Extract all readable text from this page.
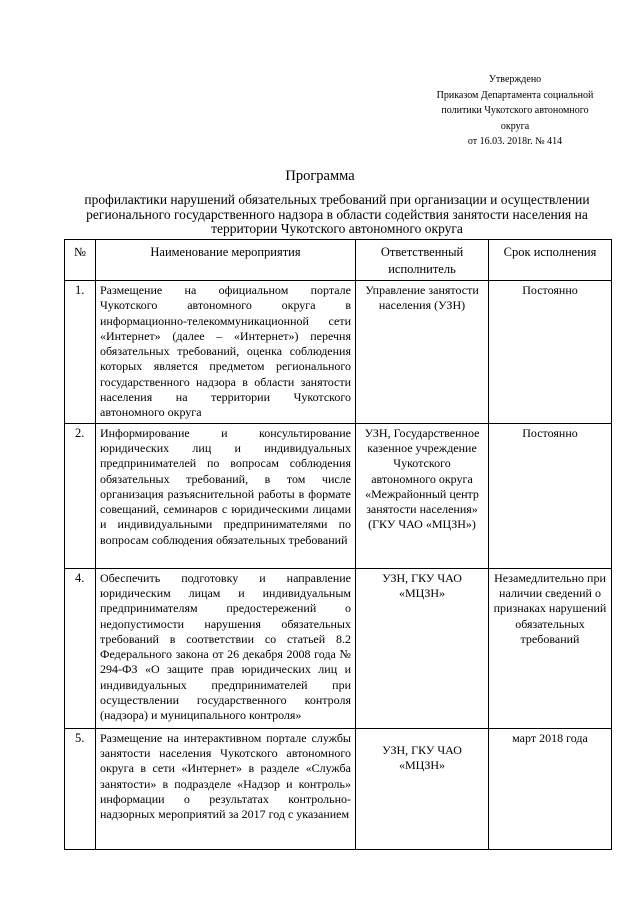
Утверждено
Приказом Департамента социальной
политики Чукотского автономного
округа
от 16.03. 2018г. № 414
Программа
профилактики нарушений обязательных требований при организации и осуществлении регионального государственного надзора в области содействия занятости населения на территории Чукотского автономного округа
№	Наименование мероприятия	Ответственный исполнитель	Срок исполнения
1.	Размещение на официальном портале Чукотского автономного округа в информационно-телекоммуникационной сети «Интернет» (далее – «Интернет») перечня обязательных требований, оценка соблюдения которых является предметом регионального государственного надзора в области занятости населения на территории Чукотского автономного округа	Управление занятости населения (УЗН)	Постоянно
2.	Информирование и консультирование юридических лиц и индивидуальных предпринимателей по вопросам соблюдения обязательных требований, в том числе организация разъяснительной работы в формате совещаний, семинаров с юридическими лицами и индивидуальными предпринимателями по вопросам соблюдения обязательных требований	УЗН, Государственное казенное учреждение Чукотского автономного округа «Межрайонный центр занятости населения» (ГКУ ЧАО «МЦЗН»)	Постоянно
4.	Обеспечить подготовку и направление юридическим лицам и индивидуальным предпринимателям предостережений о недопустимости нарушения обязательных требований в соответствии со статьей 8.2 Федерального закона от 26 декабря 2008 года № 294-ФЗ «О защите прав юридических лиц и индивидуальных предпринимателей при осуществлении государственного контроля (надзора) и муниципального контроля»	УЗН, ГКУ ЧАО «МЦЗН»	Незамедлительно при наличии сведений о признаках нарушений обязательных требований
5.	Размещение на интерактивном портале службы занятости населения Чукотского автономного округа в сети «Интернет» в разделе «Служба занятости» в подразделе «Надзор и контроль» информации о результатах контрольно-надзорных мероприятий за 2017 год с указанием	УЗН, ГКУ ЧАО «МЦЗН»	март 2018 года
